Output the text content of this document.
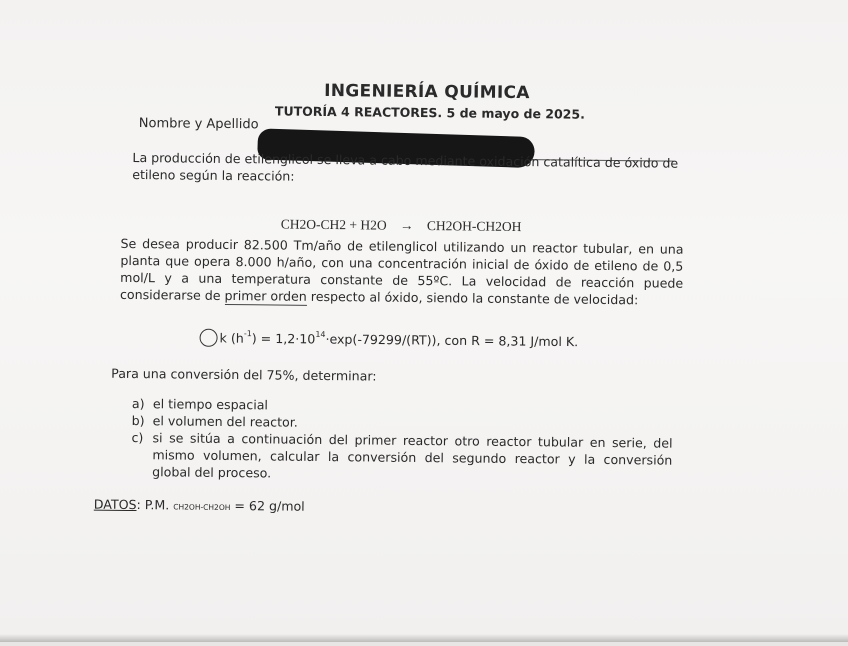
INGENIERÍA QUÍMICA
TUTORÍA 4 REACTORES. 5 de mayo de 2025.
Nombre y Apellido
La producción de etilenglicol se lleva a cabo mediante oxidación catalítica de óxido de
etileno según la reacción:
CH2O-CH2 + H2O → CH2OH-CH2OH
Se desea producir 82.500 Tm/año de etilenglicol utilizando un reactor tubular, en una
planta que opera 8.000 h/año, con una concentración inicial de óxido de etileno de 0,5
mol/L y a una temperatura constante de 55ºC. La velocidad de reacción puede
considerarse de primer orden respecto al óxido, siendo la constante de velocidad:
k $(h^{-1}) = 1,2\cdot 10^{14}\cdot\exp(-79299/(RT))$, con R = 8,31 J/mol K.
Para una conversión del 75%, determinar:
a) el tiempo espacial
b) el volumen del reactor.
c) si se sitúa a continuación del primer reactor otro reactor tubular en serie, del
mismo volumen, calcular la conversión del segundo reactor y la conversión
global del proceso.
DATOS: P.M. CH2OH-CH2OH = 62 g/mol
